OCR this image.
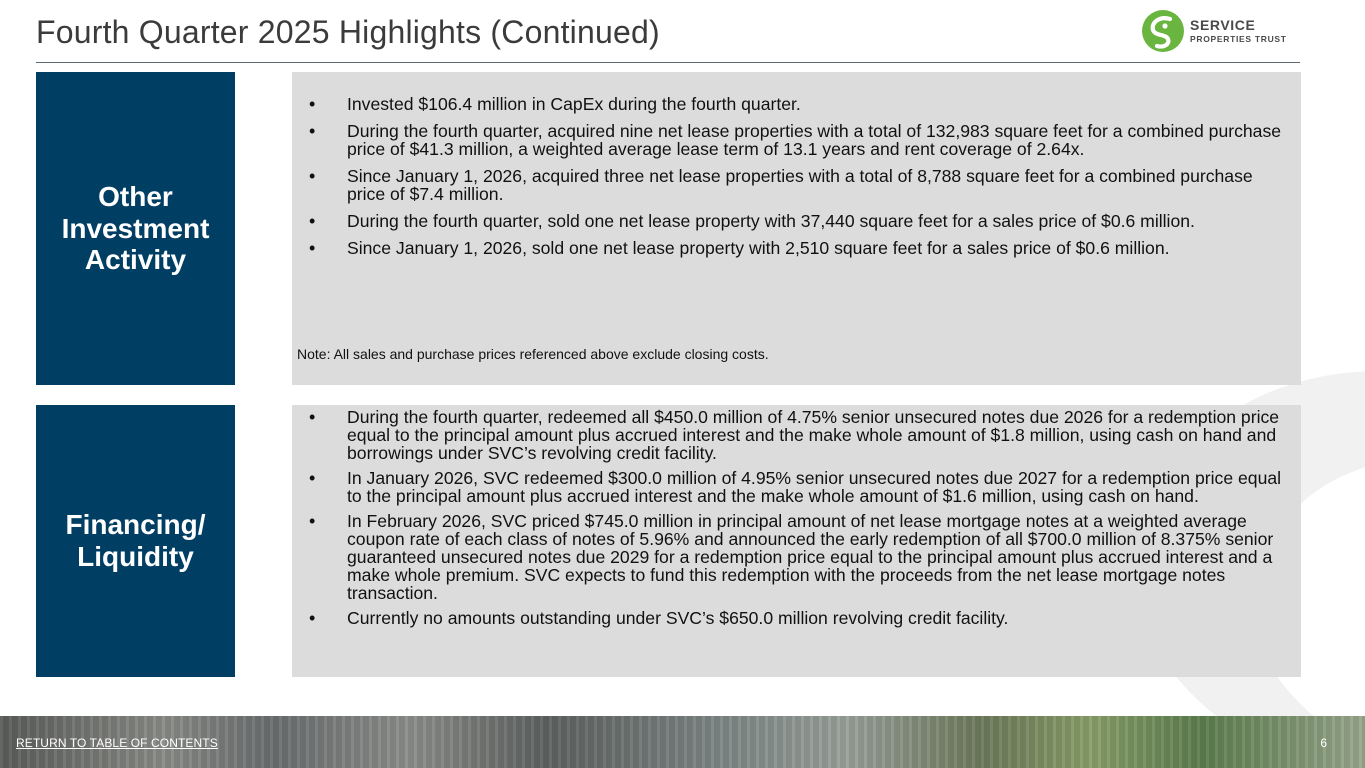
Fourth Quarter 2025 Highlights (Continued)	SERVICE
PROPERTIES TRUST
Other
Investment
Activity
• Invested $106.4 million in CapEx during the fourth quarter.
• During the fourth quarter, acquired nine net lease properties with a total of 132,983 square feet for a combined purchase price of $41.3 million, a weighted average lease term of 13.1 years and rent coverage of 2.64x.
• Since January 1, 2026, acquired three net lease properties with a total of 8,788 square feet for a combined purchase price of $7.4 million.
• During the fourth quarter, sold one net lease property with 37,440 square feet for a sales price of $0.6 million.
• Since January 1, 2026, sold one net lease property with 2,510 square feet for a sales price of $0.6 million.
Note: All sales and purchase prices referenced above exclude closing costs.
Financing/
Liquidity
• During the fourth quarter, redeemed all $450.0 million of 4.75% senior unsecured notes due 2026 for a redemption price equal to the principal amount plus accrued interest and the make whole amount of $1.8 million, using cash on hand and borrowings under SVC’s revolving credit facility.
• In January 2026, SVC redeemed $300.0 million of 4.95% senior unsecured notes due 2027 for a redemption price equal to the principal amount plus accrued interest and the make whole amount of $1.6 million, using cash on hand.
• In February 2026, SVC priced $745.0 million in principal amount of net lease mortgage notes at a weighted average coupon rate of each class of notes of 5.96% and announced the early redemption of all $700.0 million of 8.375% senior guaranteed unsecured notes due 2029 for a redemption price equal to the principal amount plus accrued interest and a make whole premium. SVC expects to fund this redemption with the proceeds from the net lease mortgage notes transaction.
• Currently no amounts outstanding under SVC’s $650.0 million revolving credit facility.
RETURN TO TABLE OF CONTENTS	6
